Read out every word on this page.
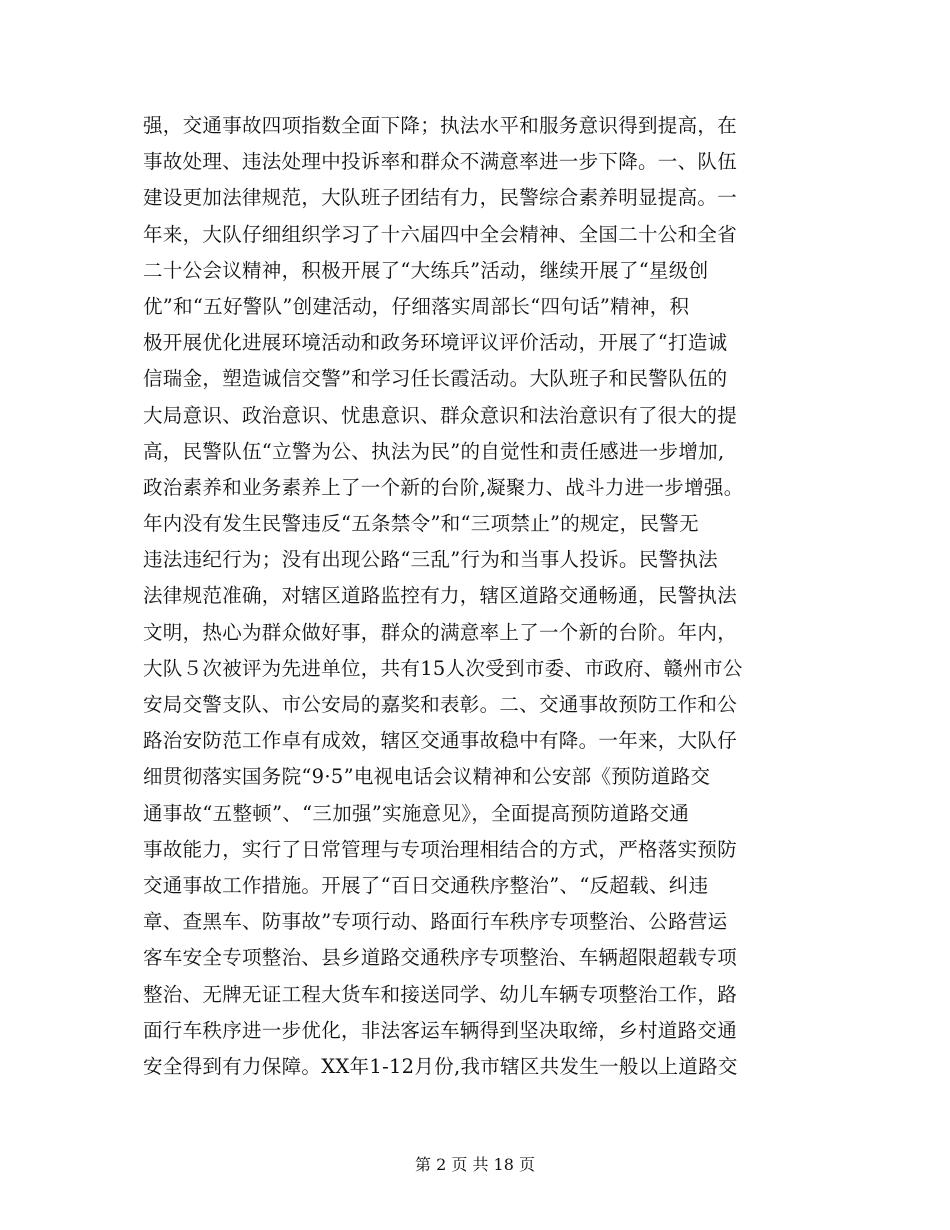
强，交通事故四项指数全面下降；执法水平和服务意识得到提高，在
事故处理、违法处理中投诉率和群众不满意率进一步下降。一、队伍
建设更加法律规范，大队班子团结有力，民警综合素养明显提高。一
年来，大队仔细组织学习了十六届四中全会精神、全国二十公和全省
二十公会议精神，积极开展了“大练兵”活动，继续开展了“星级创
优”和“五好警队”创建活动，仔细落实周部长“四句话”精神，积
极开展优化进展环境活动和政务环境评议评价活动，开展了“打造诚
信瑞金，塑造诚信交警”和学习任长霞活动。大队班子和民警队伍的
大局意识、政治意识、忧患意识、群众意识和法治意识有了很大的提
高，民警队伍“立警为公、执法为民”的自觉性和责任感进一步增加,
政治素养和业务素养上了一个新的台阶,凝聚力、战斗力进一步增强。
年内没有发生民警违反“五条禁令”和“三项禁止”的规定，民警无
违法违纪行为；没有出现公路“三乱”行为和当事人投诉。民警执法
法律规范准确，对辖区道路监控有力，辖区道路交通畅通，民警执法
文明，热心为群众做好事，群众的满意率上了一个新的台阶。年内，
大队５次被评为先进单位，共有15人次受到市委、市政府、赣州市公
安局交警支队、市公安局的嘉奖和表彰。二、交通事故预防工作和公
路治安防范工作卓有成效，辖区交通事故稳中有降。一年来，大队仔
细贯彻落实国务院“9·5”电视电话会议精神和公安部《预防道路交
通事故“五整顿”、“三加强”实施意见》，全面提高预防道路交通
事故能力，实行了日常管理与专项治理相结合的方式，严格落实预防
交通事故工作措施。开展了“百日交通秩序整治”、“反超载、纠违
章、查黑车、防事故”专项行动、路面行车秩序专项整治、公路营运
客车安全专项整治、县乡道路交通秩序专项整治、车辆超限超载专项
整治、无牌无证工程大货车和接送同学、幼儿车辆专项整治工作，路
面行车秩序进一步优化，非法客运车辆得到坚决取缔，乡村道路交通
安全得到有力保障。XX年1-12月份,我市辖区共发生一般以上道路交
第 2 页 共 18 页
